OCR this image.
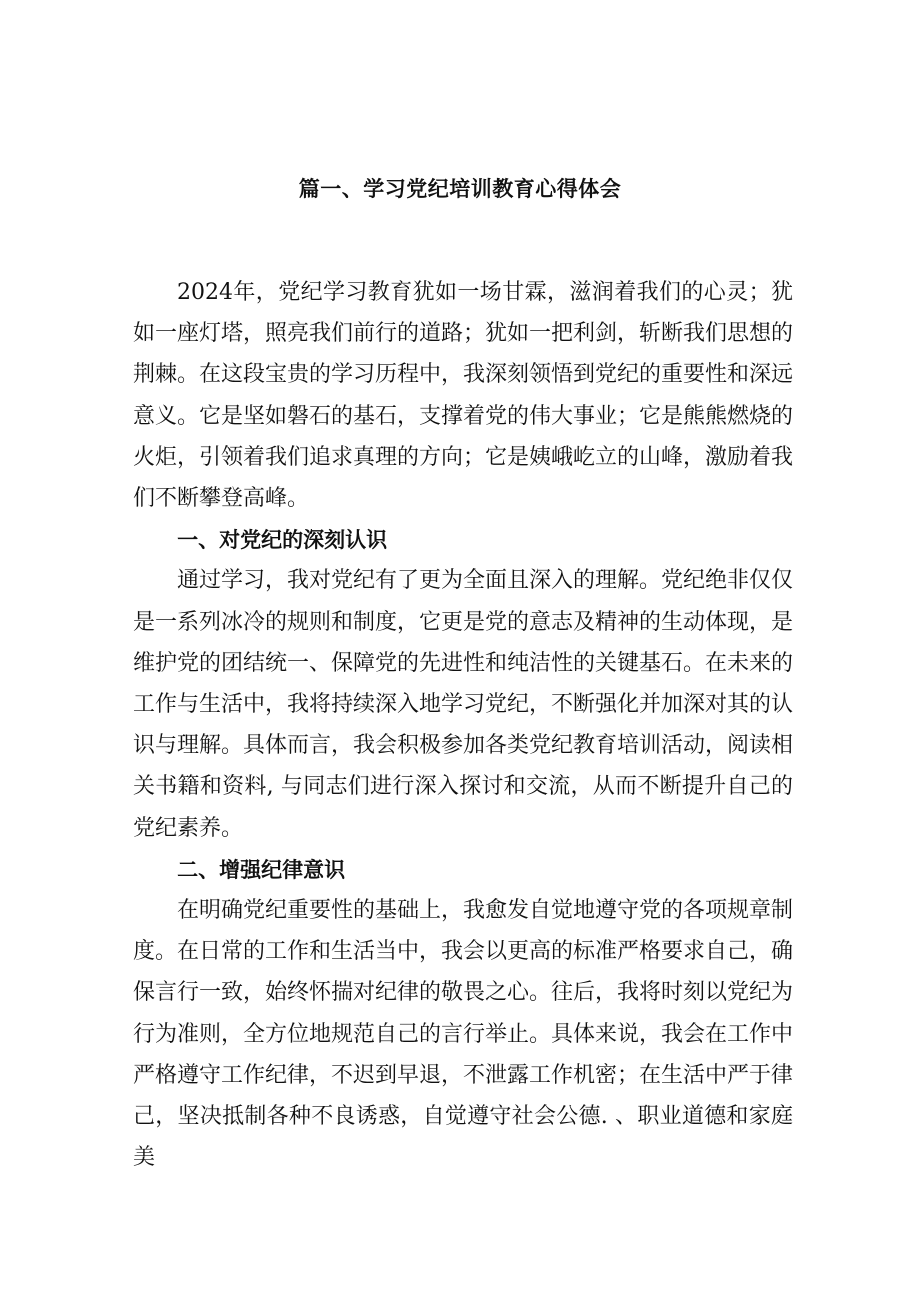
篇一、学习党纪培训教育心得体会

2024年，党纪学习教育犹如一场甘霖，滋润着我们的心灵；犹如一座灯塔，照亮我们前行的道路；犹如一把利剑，斩断我们思想的荆棘。在这段宝贵的学习历程中，我深刻领悟到党纪的重要性和深远意义。它是坚如磐石的基石，支撑着党的伟大事业；它是熊熊燃烧的火炬，引领着我们追求真理的方向；它是姨峨屹立的山峰，激励着我们不断攀登高峰。

一、对党纪的深刻认识

通过学习，我对党纪有了更为全面且深入的理解。党纪绝非仅仅是一系列冰冷的规则和制度，它更是党的意志及精神的生动体现，是维护党的团结统一、保障党的先进性和纯洁性的关键基石。在未来的工作与生活中，我将持续深入地学习党纪，不断强化并加深对其的认识与理解。具体而言，我会积极参加各类党纪教育培训活动，阅读相关书籍和资料, 与同志们进行深入探讨和交流，从而不断提升自己的党纪素养。

二、增强纪律意识

在明确党纪重要性的基础上，我愈发自觉地遵守党的各项规章制度。在日常的工作和生活当中，我会以更高的标准严格要求自己，确保言行一致，始终怀揣对纪律的敬畏之心。往后，我将时刻以党纪为行为准则，全方位地规范自己的言行举止。具体来说，我会在工作中严格遵守工作纪律，不迟到早退，不泄露工作机密；在生活中严于律己，坚决抵制各种不良诱惑，自觉遵守社会公德. 、职业道德和家庭美
